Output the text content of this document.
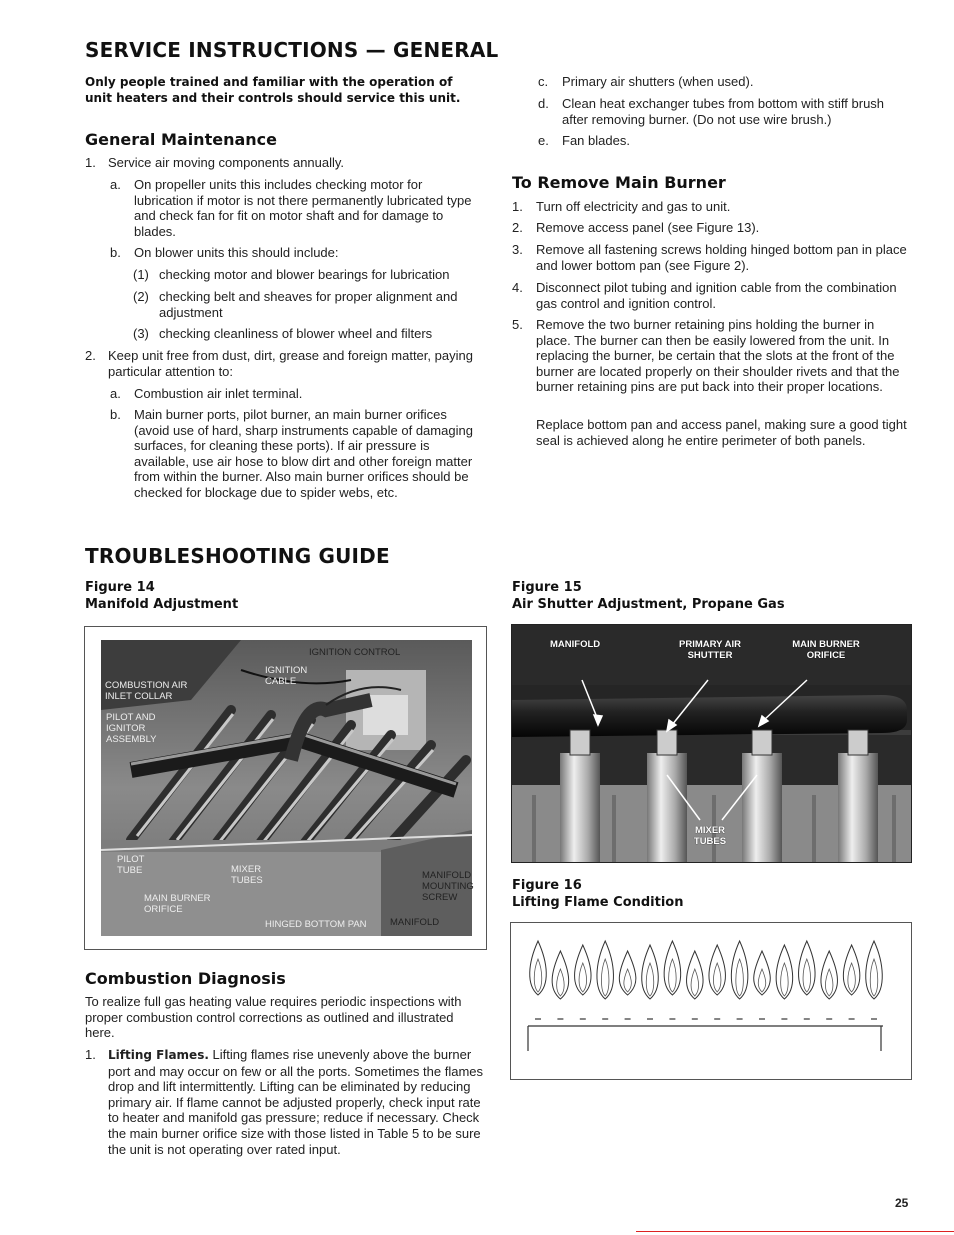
SERVICE INSTRUCTIONS — GENERAL
Only people trained and familiar with the operation of unit heaters and their controls should service this unit.
General Maintenance
1. Service air moving components annually.
a.	On propeller units this includes checking motor for lubrication if motor is not there permanently lubricated type and check fan for fit on motor shaft and for damage to blades.
b.	On blower units this should include:
(1) checking motor and blower bearings for lubrication
(2) checking belt and sheaves for proper alignment and adjustment
(3) checking cleanliness of blower wheel and filters
2. Keep unit free from dust, dirt, grease and foreign matter, paying particular attention to:
a.	Combustion air inlet terminal.
b.	Main burner ports, pilot burner, an main burner orifices (avoid use of hard, sharp instruments capable of damaging surfaces, for cleaning these ports). If air pressure is available, use air hose to blow dirt and other foreign matter from within the burner. Also main burner orifices should be checked for blockage due to spider webs, etc.
c.	Primary air shutters (when used).
d.	Clean heat exchanger tubes from bottom with stiff brush after removing burner. (Do not use wire brush.)
e.	Fan blades.
To Remove Main Burner
1.	Turn off electricity and gas to unit.
2.	Remove access panel (see Figure 13).
3.	Remove all fastening screws holding hinged bottom pan in place and lower bottom pan (see Figure 2).
4.	Disconnect pilot tubing and ignition cable from the combination gas control and ignition control.
5.	Remove the two burner retaining pins holding the burner in place. The burner can then be easily lowered from the unit. In replacing the burner, be certain that the slots at the front of the burner are located properly on their shoulder rivets and that the burner retaining pins are put back into their proper locations.
Replace bottom pan and access panel, making sure a good tight seal is achieved along he entire perimeter of both panels.
TROUBLESHOOTING GUIDE
Figure 14
Manifold Adjustment
IGNITION CONTROL
IGNITION CABLE
COMBUSTION AIR INLET COLLAR
PILOT AND IGNITOR ASSEMBLY
PILOT TUBE	MIXER TUBES
MAIN BURNER ORIFICE
HINGED BOTTOM PAN
MANIFOLD MOUNTING SCREW
MANIFOLD
Combustion Diagnosis
To realize full gas heating value requires periodic inspections with proper combustion control corrections as outlined and illustrated here.
1.	Lifting Flames. Lifting flames rise unevenly above the burner port and may occur on few or all the ports. Sometimes the flames drop and lift intermittently. Lifting can be eliminated by reducing primary air. If flame cannot be adjusted properly, check input rate to heater and manifold gas pressure; reduce if necessary. Check the main burner orifice size with those listed in Table 5 to be sure the unit is not operating over rated input.
Figure 15
Air Shutter Adjustment, Propane Gas
MANIFOLD	PRIMARY AIR SHUTTER
MAIN BURNER ORIFICE
MIXER TUBES
Figure 16
Lifting Flame Condition
25
